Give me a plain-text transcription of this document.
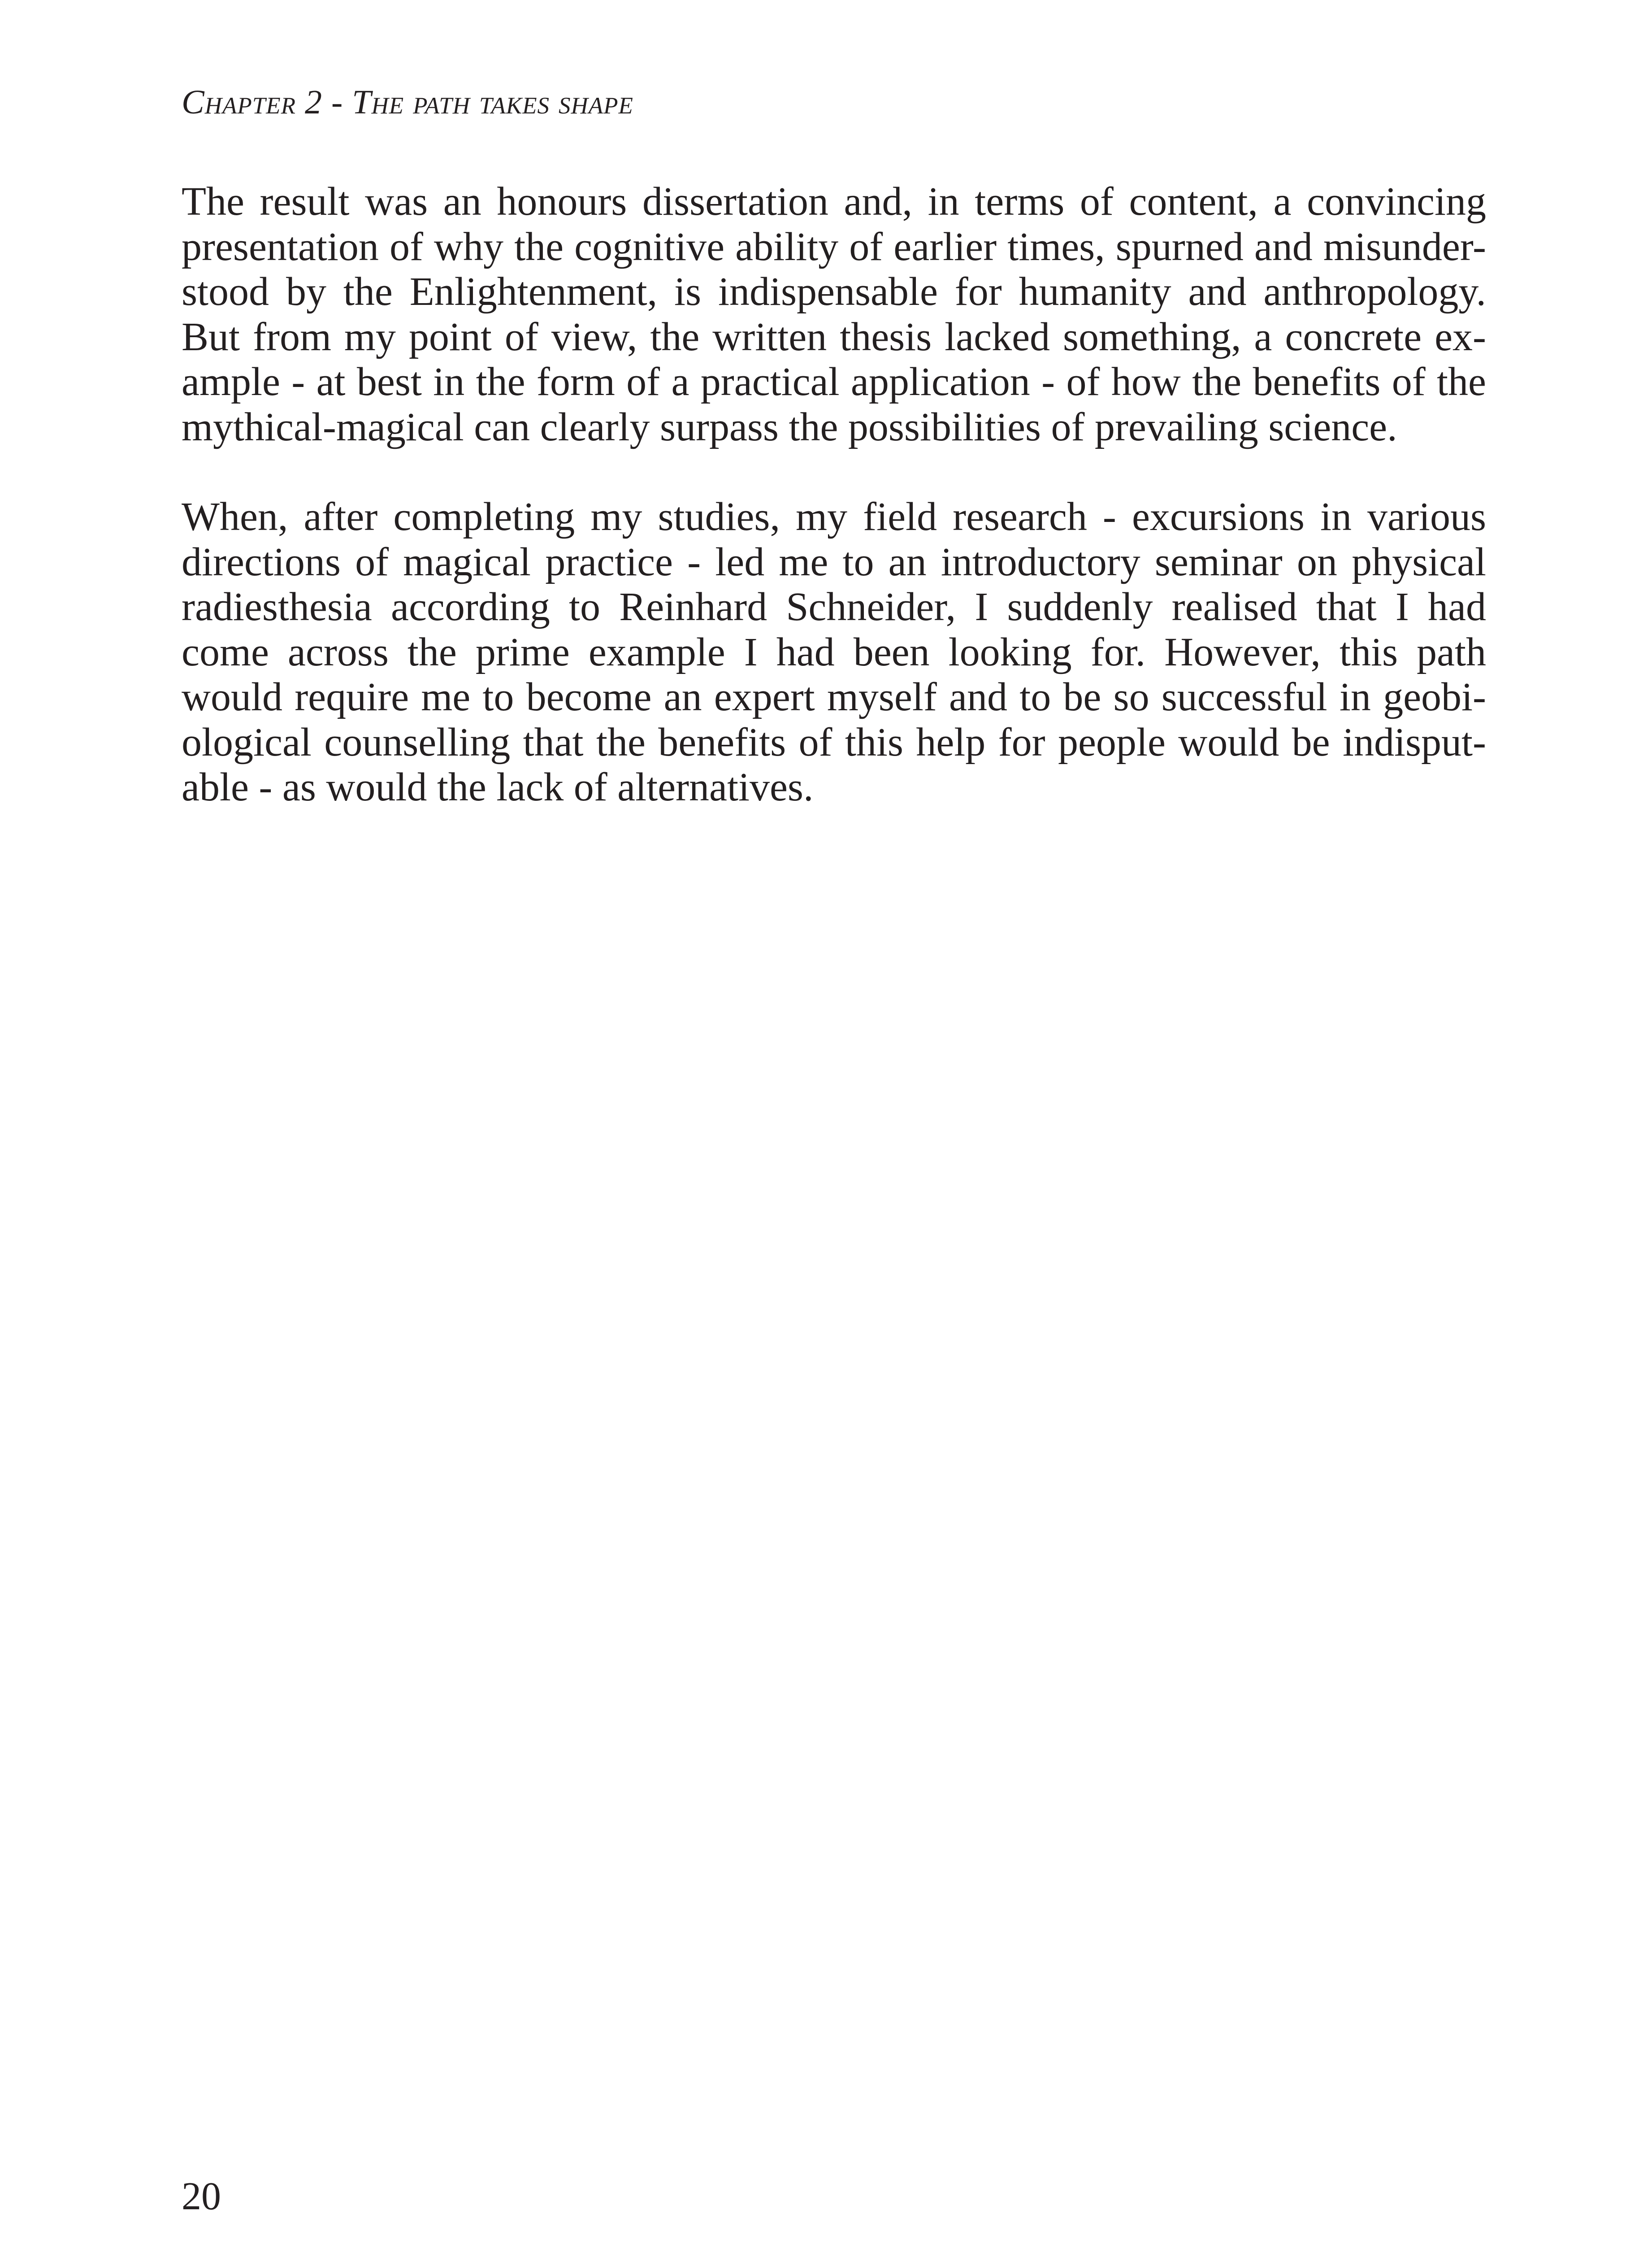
Chapter 2 - The path takes shape

The result was an honours dissertation and, in terms of content, a convincing
presentation of why the cognitive ability of earlier times, spurned and misunder-
stood by the Enlightenment, is indispensable for humanity and anthropology.
But from my point of view, the written thesis lacked something, a concrete ex-
ample - at best in the form of a practical application - of how the benefits of the
mythical-magical can clearly surpass the possibilities of prevailing science.

When, after completing my studies, my field research - excursions in various
directions of magical practice - led me to an introductory seminar on physical
radiesthesia according to Reinhard Schneider, I suddenly realised that I had
come across the prime example I had been looking for. However, this path
would require me to become an expert myself and to be so successful in geobi-
ological counselling that the benefits of this help for people would be indisput-
able - as would the lack of alternatives.

20
